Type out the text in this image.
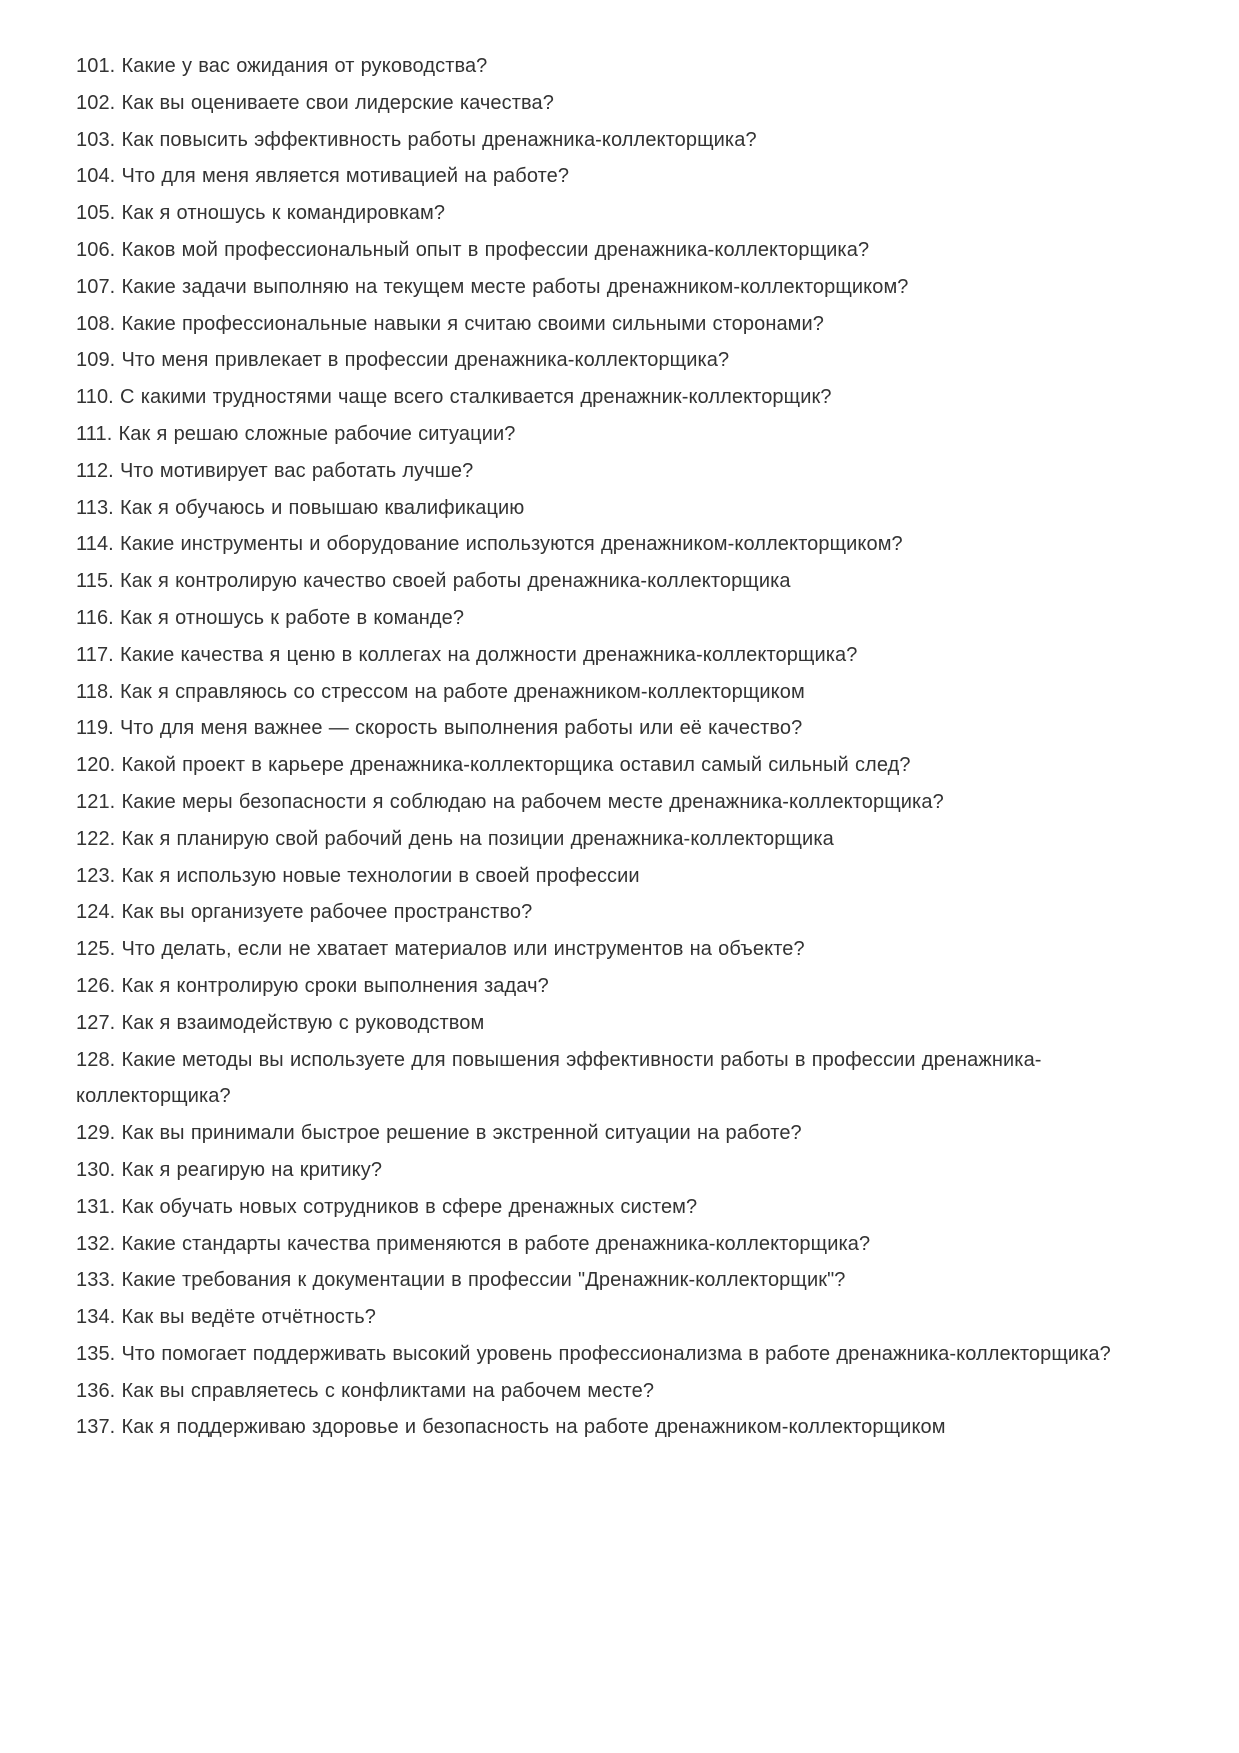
101. Какие у вас ожидания от руководства?

102. Как вы оцениваете свои лидерские качества?

103. Как повысить эффективность работы дренажника-коллекторщика?

104. Что для меня является мотивацией на работе?

105. Как я отношусь к командировкам?

106. Каков мой профессиональный опыт в профессии дренажника-коллекторщика?

107. Какие задачи выполняю на текущем месте работы дренажником-коллекторщиком?

108. Какие профессиональные навыки я считаю своими сильными сторонами?

109. Что меня привлекает в профессии дренажника-коллекторщика?

110. С какими трудностями чаще всего сталкивается дренажник-коллекторщик?

111. Как я решаю сложные рабочие ситуации?

112. Что мотивирует вас работать лучше?

113. Как я обучаюсь и повышаю квалификацию

114. Какие инструменты и оборудование используются дренажником-коллекторщиком?

115. Как я контролирую качество своей работы дренажника-коллекторщика

116. Как я отношусь к работе в команде?

117. Какие качества я ценю в коллегах на должности дренажника-коллекторщика?

118. Как я справляюсь со стрессом на работе дренажником-коллекторщиком

119. Что для меня важнее — скорость выполнения работы или её качество?

120. Какой проект в карьере дренажника-коллекторщика оставил самый сильный след?

121. Какие меры безопасности я соблюдаю на рабочем месте дренажника-коллекторщика?

122. Как я планирую свой рабочий день на позиции дренажника-коллекторщика

123. Как я использую новые технологии в своей профессии

124. Как вы организуете рабочее пространство?

125. Что делать, если не хватает материалов или инструментов на объекте?

126. Как я контролирую сроки выполнения задач?

127. Как я взаимодействую с руководством

128. Какие методы вы используете для повышения эффективности работы в профессии дренажника-коллекторщика?

129. Как вы принимали быстрое решение в экстренной ситуации на работе?

130. Как я реагирую на критику?

131. Как обучать новых сотрудников в сфере дренажных систем?

132. Какие стандарты качества применяются в работе дренажника-коллекторщика?

133. Какие требования к документации в профессии "Дренажник-коллекторщик"?

134. Как вы ведёте отчётность?

135. Что помогает поддерживать высокий уровень профессионализма в работе дренажника-коллекторщика?

136. Как вы справляетесь с конфликтами на рабочем месте?

137. Как я поддерживаю здоровье и безопасность на работе дренажником-коллекторщиком
